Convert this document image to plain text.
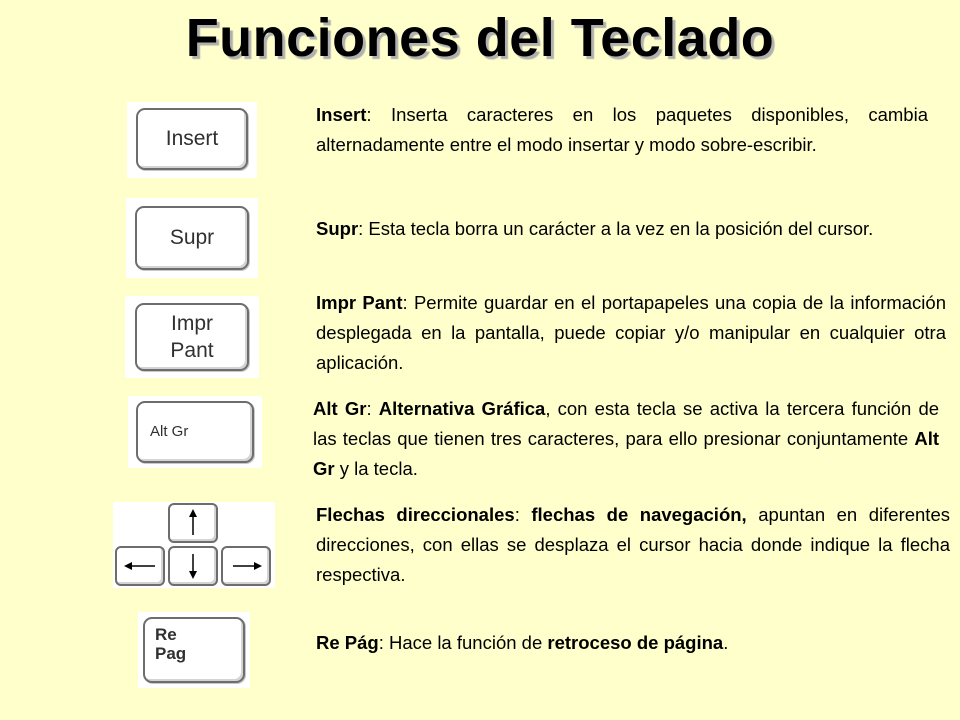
Funciones del Teclado
Insert

Insert: Inserta caracteres en los paquetes disponibles, cambia alternadamente entre el modo insertar y modo sobre-escribir.

Supr	Supr: Esta tecla borra un carácter a la vez en la posición del cursor.

Impr
Pant

Impr Pant: Permite guardar en el portapapeles una copia de la información desplegada en la pantalla, puede copiar y/o manipular en cualquier otra aplicación.

Alt Gr

Alt Gr: Alternativa Gráfica, con esta tecla se activa la tercera función de las teclas que tienen tres caracteres, para ello presionar conjuntamente Alt Gr y la tecla.

Flechas direccionales: flechas de navegación, apuntan en diferentes direcciones, con ellas se desplaza el cursor hacia donde indique la flecha respectiva.

Re
Pag

Re Pág: Hace la función de retroceso de página.
